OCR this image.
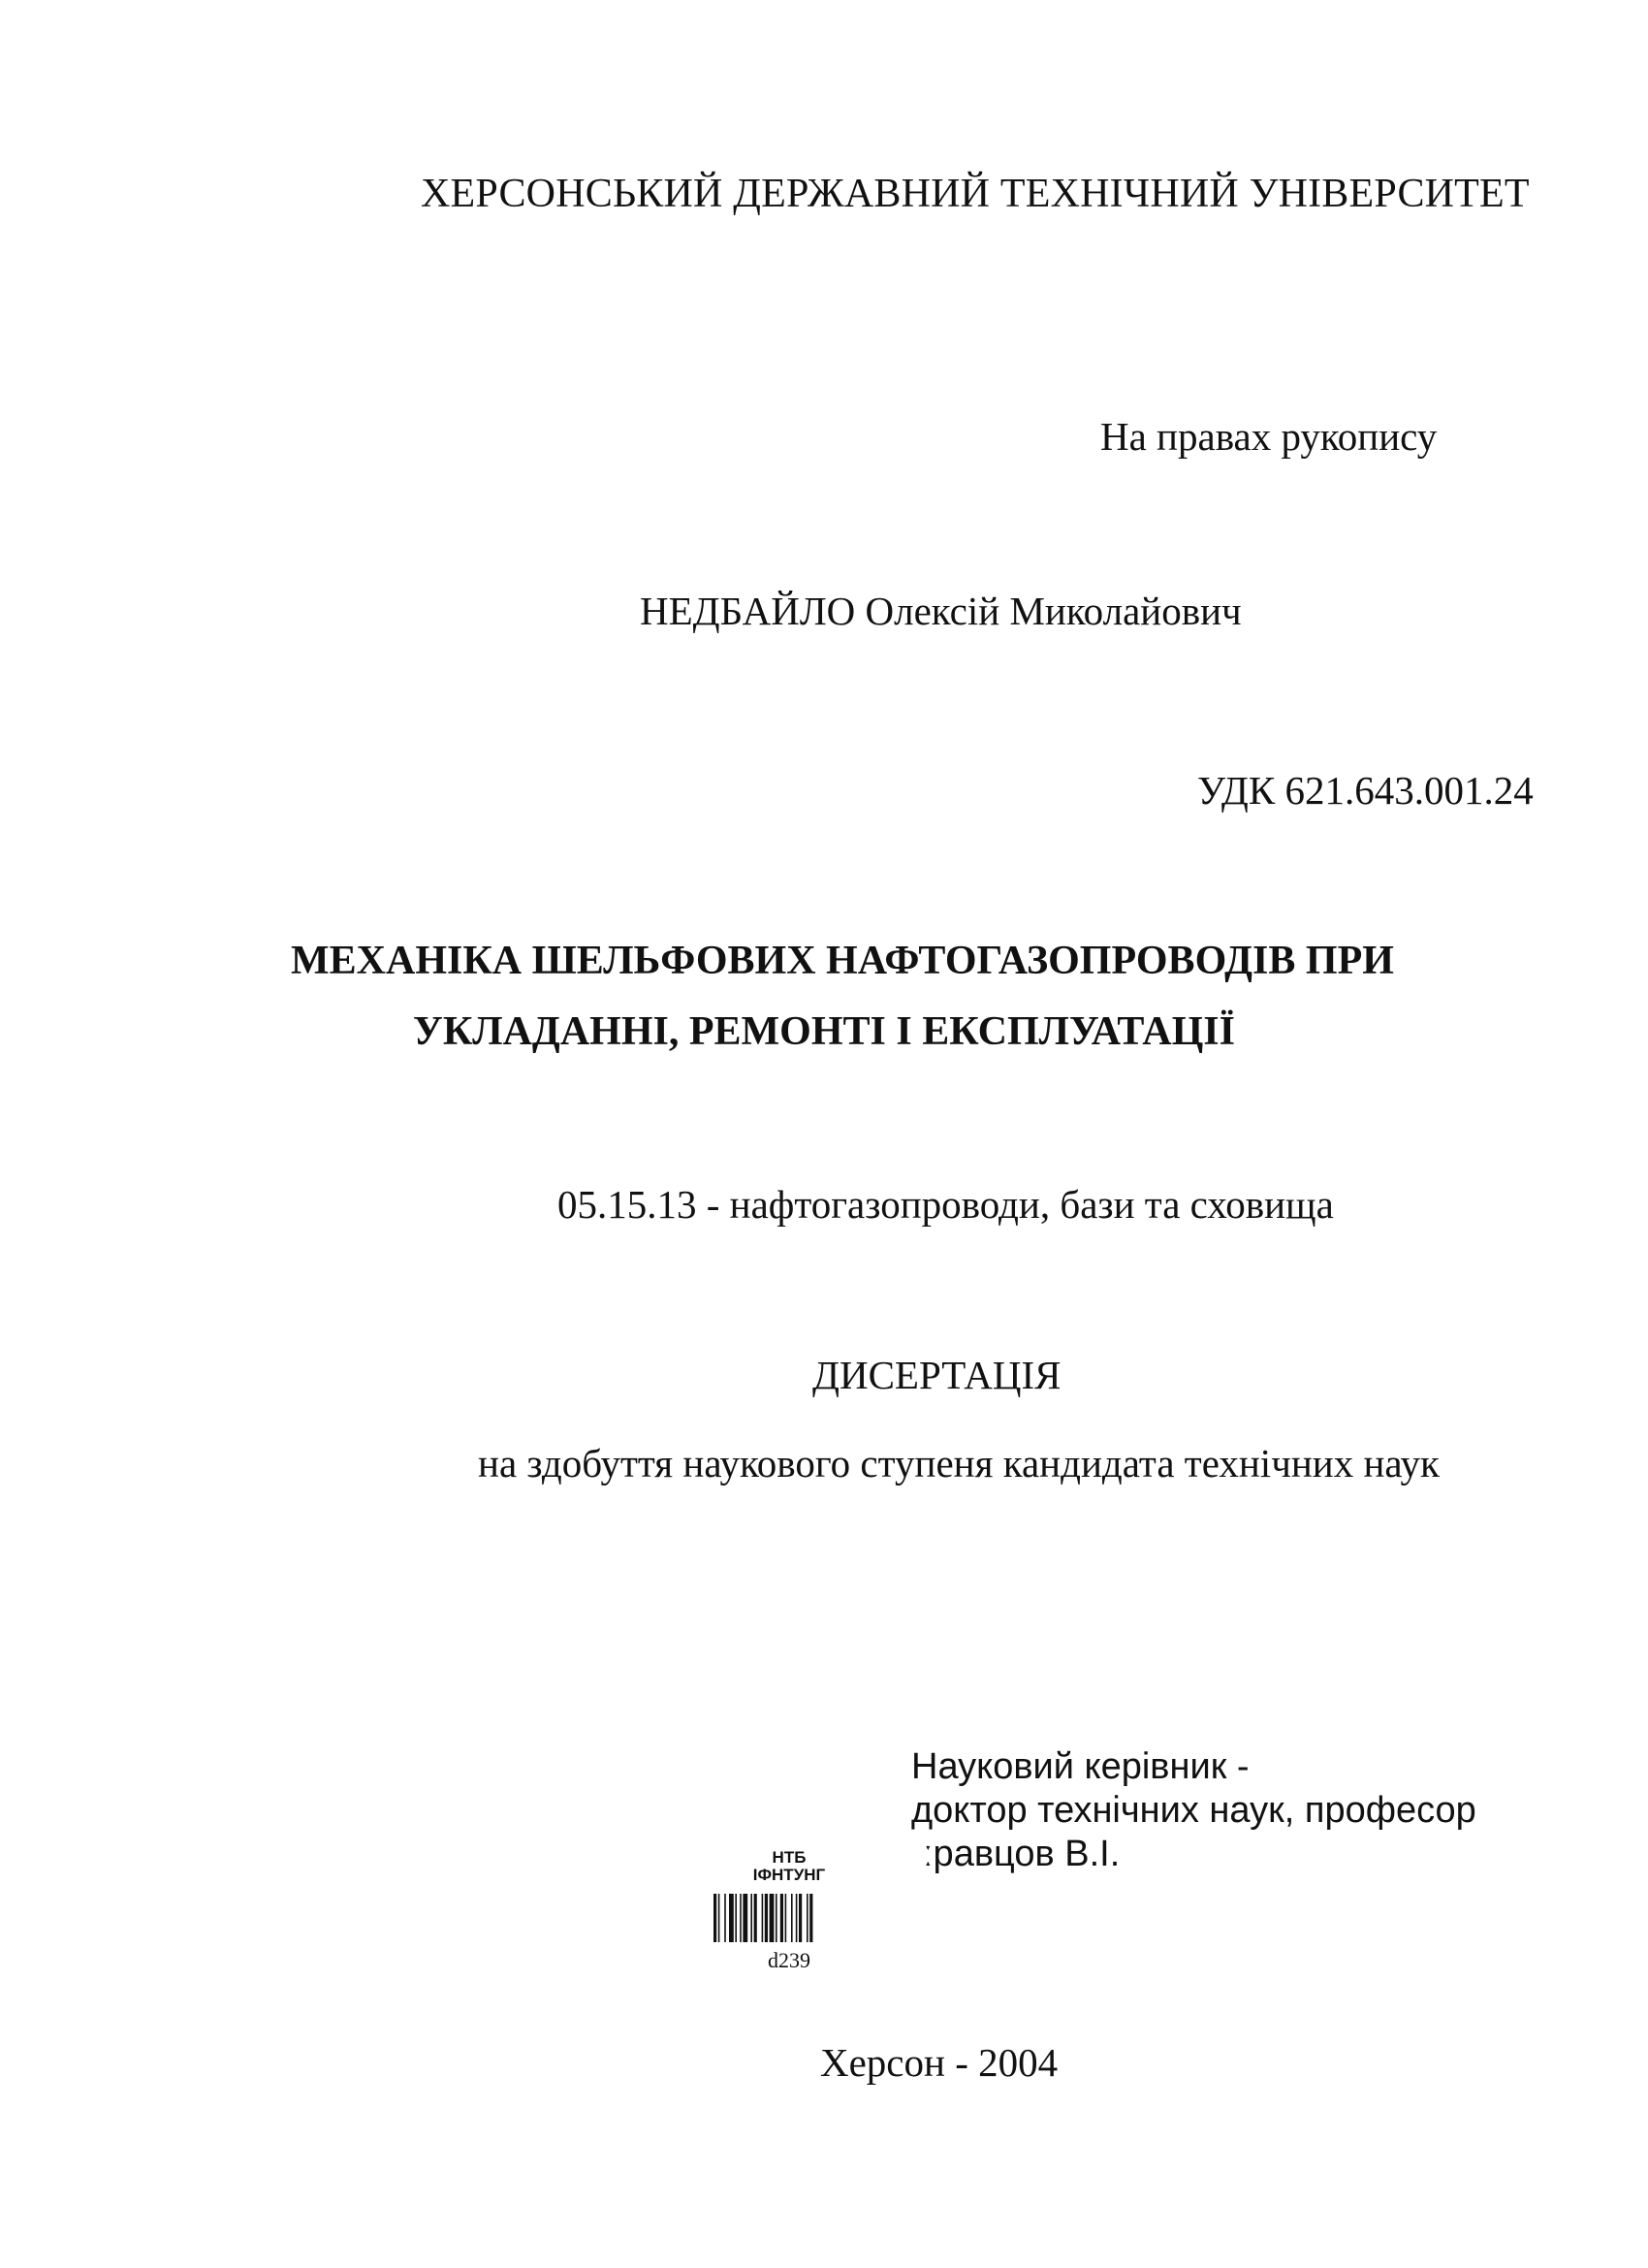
ХЕРСОНСЬКИЙ ДЕРЖАВНИЙ ТЕХНІЧНИЙ УНІВЕРСИТЕТ
На правах рукопису
НЕДБАЙЛО Олексій Миколайович
УДК 621.643.001.24
МЕХАНІКА ШЕЛЬФОВИХ НАФТОГАЗОПРОВОДІВ ПРИ
УКЛАДАННІ, РЕМОНТІ І ЕКСПЛУАТАЦІЇ
05.15.13 - нафтогазопроводи, бази та сховища
ДИСЕРТАЦІЯ
на здобуття наукового ступеня кандидата технічних наук
Науковий керівник -
доктор технічних наук, професор
ːравцов В.І.
НТБ
ІФНТУНГ
d239
Херсон - 2004
